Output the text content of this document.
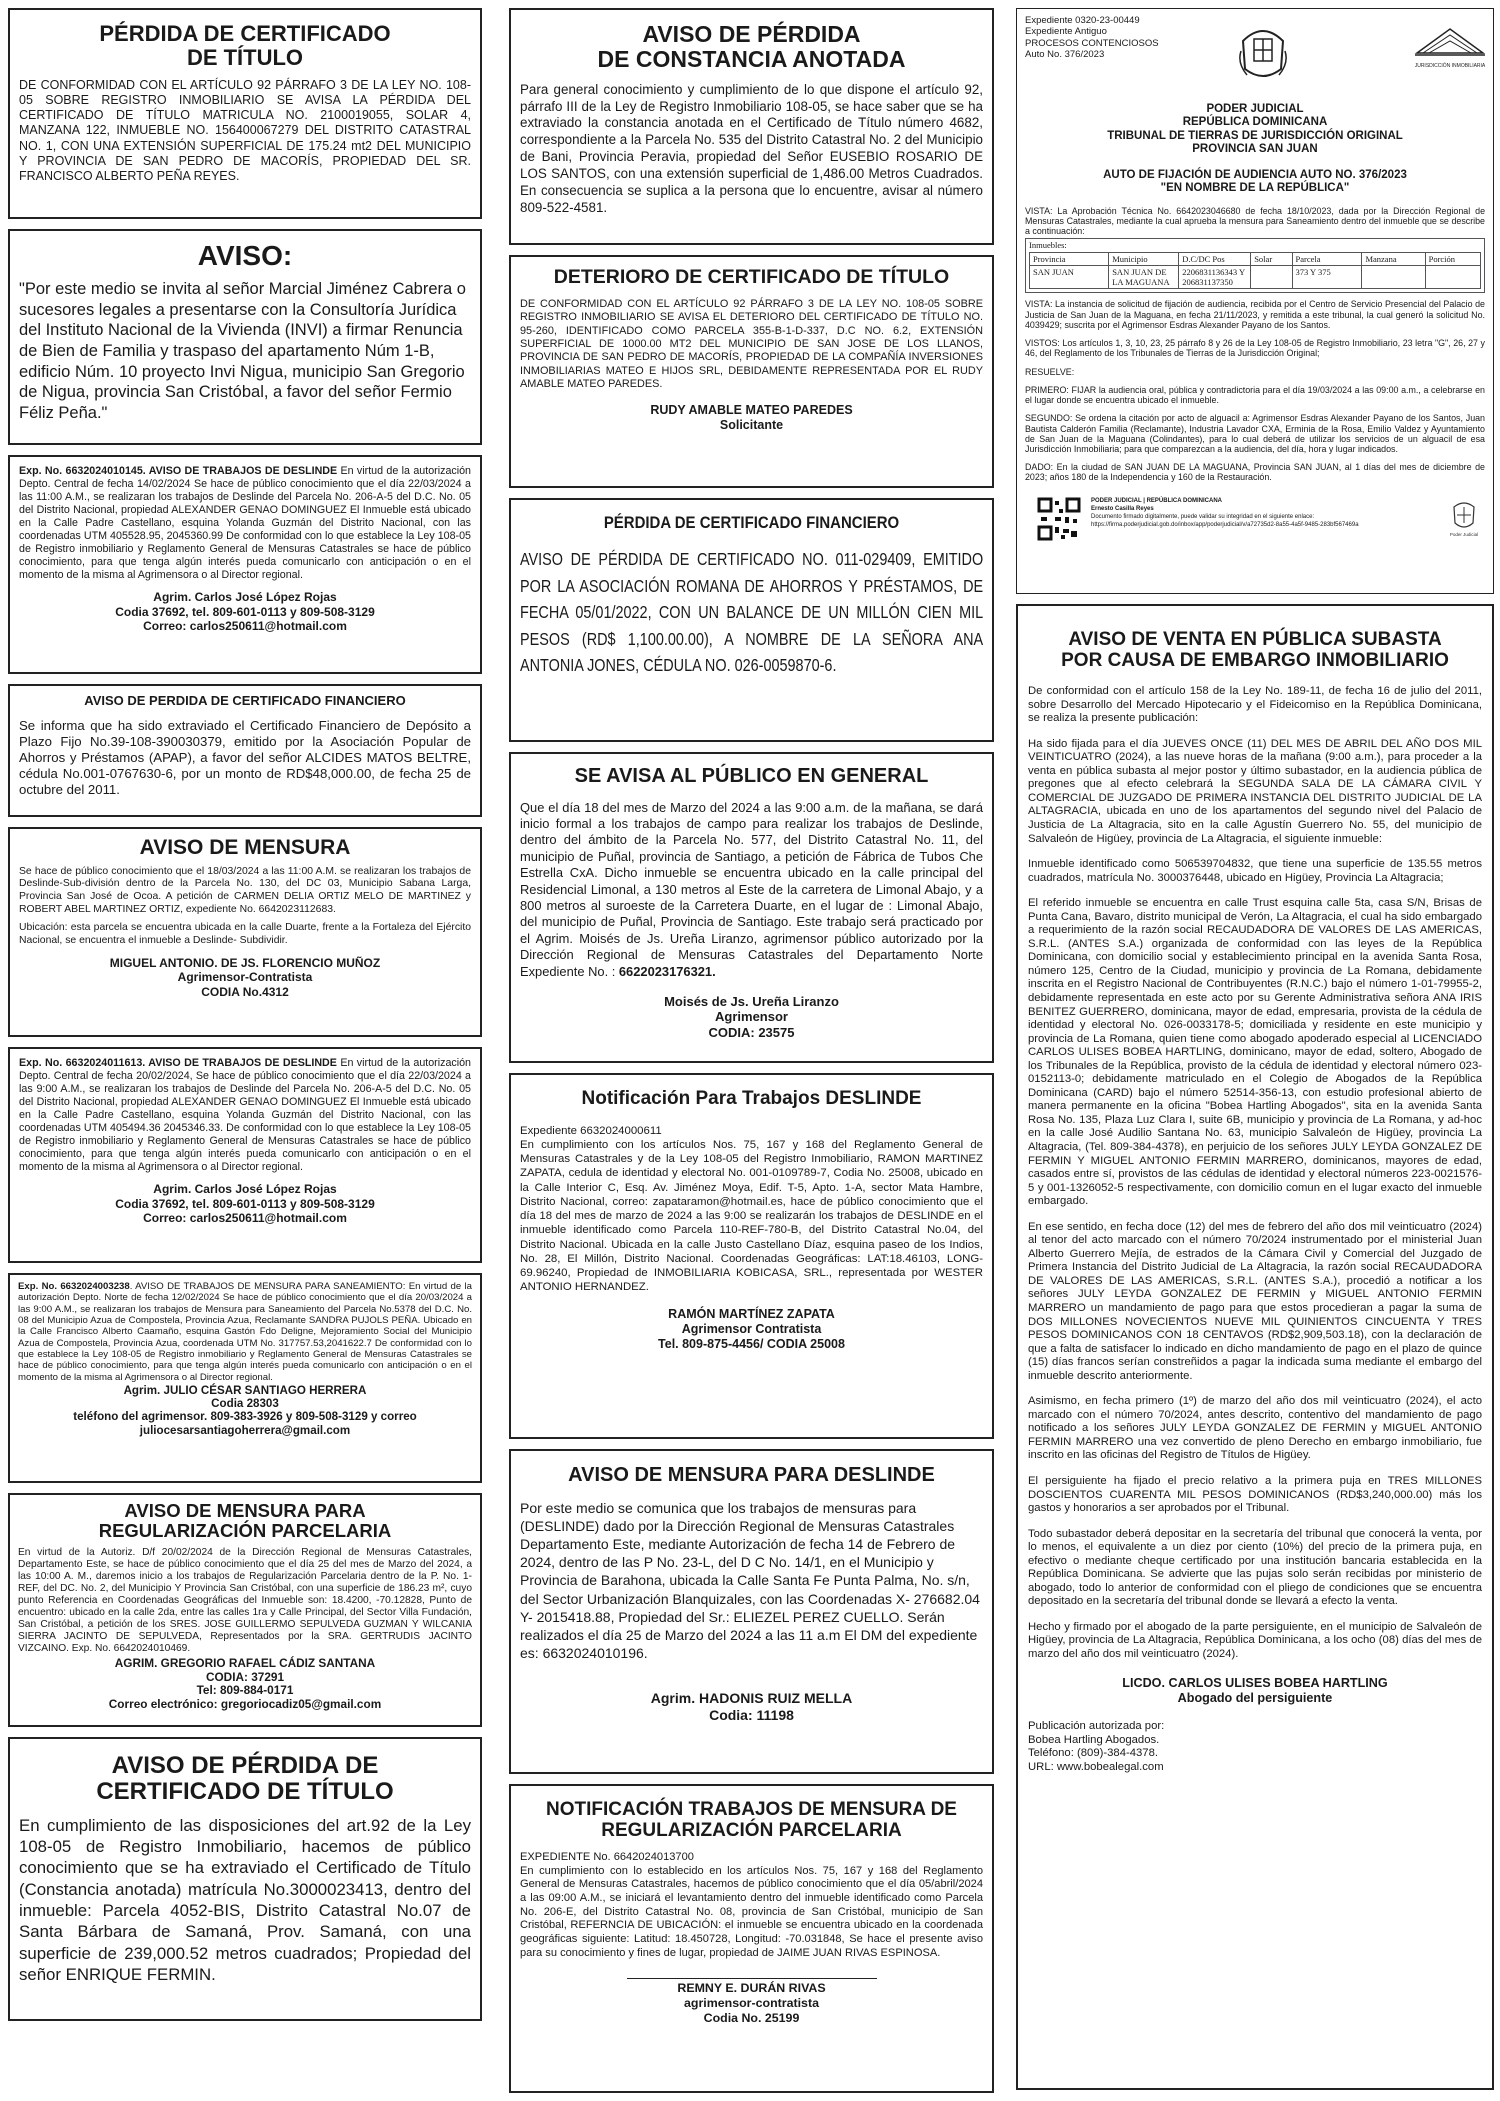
PÉRDIDA DE CERTIFICADO
DE TÍTULO
DE CONFORMIDAD CON EL ARTÍCULO 92 PÁRRAFO 3 DE LA LEY NO. 108-05 SOBRE REGISTRO INMOBILIARIO SE AVISA LA PÉRDIDA DEL CERTIFICADO DE TÍTULO MATRICULA NO. 2100019055, SOLAR 4, MANZANA 122, INMUEBLE NO. 156400067279 DEL DISTRITO CATASTRAL NO. 1, CON UNA EXTENSIÓN SUPERFICIAL DE 175.24 mt2 DEL MUNICIPIO Y PROVINCIA DE SAN PEDRO DE MACORÍS, PROPIEDAD DEL SR. FRANCISCO ALBERTO PEÑA REYES.
AVISO:
"Por este medio se invita al señor Marcial Jiménez Cabrera o sucesores legales a presentarse con la Consultoría Jurídica del Instituto Nacional de la Vivienda (INVI) a firmar Renuncia de Bien de Familia y traspaso del apartamento Núm 1-B, edificio Núm. 10 proyecto Invi Nigua, municipio San Gregorio de Nigua, provincia San Cristóbal, a favor del señor Fermio Féliz Peña."
Exp. No. 6632024010145. AVISO DE TRABAJOS DE DESLINDE En virtud de la autorización Depto. Central de fecha 14/02/2024 Se hace de público conocimiento que el día 22/03/2024 a las 11:00 A.M., se realizaran los trabajos de Deslinde del Parcela No. 206-A-5 del D.C. No. 05 del Distrito Nacional, propiedad ALEXANDER GENAO DOMINGUEZ El Inmueble está ubicado en la Calle Padre Castellano, esquina Yolanda Guzmán del Distrito Nacional, con las coordenadas UTM 405528.95, 2045360.99 De conformidad con lo que establece la Ley 108-05 de Registro inmobiliario y Reglamento General de Mensuras Catastrales se hace de público conocimiento, para que tenga algún interés pueda comunicarlo con anticipación o en el momento de la misma al Agrimensora o al Director regional.
Agrim. Carlos José López Rojas
Codia 37692, tel. 809-601-0113 y 809-508-3129
Correo: carlos250611@hotmail.com
AVISO DE PERDIDA DE CERTIFICADO FINANCIERO
Se informa que ha sido extraviado el Certificado Financiero de Depósito a Plazo Fijo No.39-108-390030379, emitido por la Asociación Popular de Ahorros y Préstamos (APAP), a favor del señor ALCIDES MATOS BELTRE, cédula No.001-0767630-6, por un monto de RD$48,000.00, de fecha 25 de octubre del 2011.
AVISO DE MENSURA
Se hace de público conocimiento que el 18/03/2024 a las 11:00 A.M. se realizaran los trabajos de Deslinde-Sub-división dentro de la Parcela No. 130, del DC 03, Municipio Sabana Larga, Provincia San José de Ocoa. A petición de CARMEN DELIA ORTIZ MELO DE MARTINEZ y ROBERT ABEL MARTINEZ ORTIZ, expediente No. 6642023112683.
Ubicación: esta parcela se encuentra ubicada en la calle Duarte, frente a la Fortaleza del Ejército Nacional, se encuentra el inmueble a Deslinde- Subdividir.
MIGUEL ANTONIO. DE JS. FLORENCIO MUÑOZ
Agrimensor-Contratista
CODIA No.4312
Exp. No. 6632024011613. AVISO DE TRABAJOS DE DESLINDE En virtud de la autorización Depto. Central de fecha 20/02/2024, Se hace de público conocimiento que el día 22/03/2024 a las 9:00 A.M., se realizaran los trabajos de Deslinde del Parcela No. 206-A-5 del D.C. No. 05 del Distrito Nacional, propiedad ALEXANDER GENAO DOMINGUEZ El Inmueble está ubicado en la Calle Padre Castellano, esquina Yolanda Guzmán del Distrito Nacional, con las coordenadas UTM 405494.36 2045346.33. De conformidad con lo que establece la Ley 108-05 de Registro inmobiliario y Reglamento General de Mensuras Catastrales se hace de público conocimiento, para que tenga algún interés pueda comunicarlo con anticipación o en el momento de la misma al Agrimensora o al Director regional.
Agrim. Carlos José López Rojas
Codia 37692, tel. 809-601-0113 y 809-508-3129
Correo: carlos250611@hotmail.com
Exp. No. 6632024003238. AVISO DE TRABAJOS DE MENSURA PARA SANEAMIENTO: En virtud de la autorización Depto. Norte de fecha 12/02/2024 Se hace de público conocimiento que el día 20/03/2024 a las 9:00 A.M., se realizaran los trabajos de Mensura para Saneamiento del Parcela No.5378 del D.C. No. 08 del Municipio Azua de Compostela, Provincia Azua, Reclamante SANDRA PUJOLS PEÑA. Ubicado en la Calle Francisco Alberto Caamaño, esquina Gastón Fdo Deligne, Mejoramiento Social del Municipio Azua de Compostela, Provincia Azua, coordenada UTM No. 317757.53,2041622.7 De conformidad con lo que establece la Ley 108-05 de Registro inmobiliario y Reglamento General de Mensuras Catastrales se hace de público conocimiento, para que tenga algún interés pueda comunicarlo con anticipación o en el momento de la misma al Agrimensora o al Director regional.
Agrim. JULIO CÉSAR SANTIAGO HERRERA
Codia 28303
teléfono del agrimensor. 809-383-3926 y 809-508-3129 y correo
juliocesarsantiagoherrera@gmail.com
AVISO DE MENSURA PARA
REGULARIZACIÓN PARCELARIA
En virtud de la Autoriz. D/f 20/02/2024 de la Dirección Regional de Mensuras Catastrales, Departamento Este, se hace de público conocimiento que el día 25 del mes de Marzo del 2024, a las 10:00 A. M., daremos inicio a los trabajos de Regularización Parcelaria dentro de la P. No. 1-REF, del DC. No. 2, del Municipio Y Provincia San Cristóbal, con una superficie de 186.23 m², cuyo punto Referencia en Coordenadas Geográficas del Inmueble son: 18.4200, -70.12828, Punto de encuentro: ubicado en la calle 2da, entre las calles 1ra y Calle Principal, del Sector Villa Fundación, San Cristóbal, a petición de los SRES. JOSE GUILLERMO SEPULVEDA GUZMAN Y WILCANIA SIERRA JACINTO DE SEPULVEDA, Representados por la SRA. GERTRUDIS JACINTO VIZCAINO. Exp. No. 6642024010469.
AGRIM. GREGORIO RAFAEL CÁDIZ SANTANA
CODIA: 37291
Tel: 809-884-0171
Correo electrónico: gregoriocadiz05@gmail.com
AVISO DE PÉRDIDA DE
CERTIFICADO DE TÍTULO
En cumplimiento de las disposiciones del art.92 de la Ley 108-05 de Registro Inmobiliario, hacemos de público conocimiento que se ha extraviado el Certificado de Título (Constancia anotada) matrícula No.3000023413, dentro del inmueble: Parcela 4052-BIS, Distrito Catastral No.07 de Santa Bárbara de Samaná, Prov. Samaná, con una superficie de 239,000.52 metros cuadrados; Propiedad del señor ENRIQUE FERMIN.
AVISO DE PÉRDIDA
DE CONSTANCIA ANOTADA
Para general conocimiento y cumplimiento de lo que dispone el artículo 92, párrafo III de la Ley de Registro Inmobiliario 108-05, se hace saber que se ha extraviado la constancia anotada en el Certificado de Título número 4682, correspondiente a la Parcela No. 535 del Distrito Catastral No. 2 del Municipio de Bani, Provincia Peravia, propiedad del Señor EUSEBIO ROSARIO DE LOS SANTOS, con una extensión superficial de 1,486.00 Metros Cuadrados. En consecuencia se suplica a la persona que lo encuentre, avisar al número 809-522-4581.
DETERIORO DE CERTIFICADO DE TÍTULO
DE CONFORMIDAD CON EL ARTÍCULO 92 PÁRRAFO 3 DE LA LEY NO. 108-05 SOBRE REGISTRO INMOBILIARIO SE AVISA EL DETERIORO DEL CERTIFICADO DE TÍTULO NO. 95-260, IDENTIFICADO COMO PARCELA 355-B-1-D-337, D.C NO. 6.2, EXTENSIÓN SUPERFICIAL DE 1000.00 MT2 DEL MUNICIPIO DE SAN JOSE DE LOS LLANOS, PROVINCIA DE SAN PEDRO DE MACORÍS, PROPIEDAD DE LA COMPAÑÍA INVERSIONES INMOBILIARIAS MATEO E HIJOS SRL, DEBIDAMENTE REPRESENTADA POR EL RUDY AMABLE MATEO PAREDES.
RUDY AMABLE MATEO PAREDES
Solicitante
PÉRDIDA DE CERTIFICADO FINANCIERO
AVISO DE PÉRDIDA DE CERTIFICADO NO. 011-029409, EMITIDO POR LA ASOCIACIÓN ROMANA DE AHORROS Y PRÉSTAMOS, DE FECHA 05/01/2022, CON UN BALANCE DE UN MILLÓN CIEN MIL PESOS (RD$ 1,100.00.00), A NOMBRE DE LA SEÑORA ANA ANTONIA JONES, CÉDULA NO. 026-0059870-6.
SE AVISA AL PÚBLICO EN GENERAL
Que el día 18 del mes de Marzo del 2024 a las 9:00 a.m. de la mañana, se dará inicio formal a los trabajos de campo para realizar los trabajos de Deslinde, dentro del ámbito de la Parcela No. 577, del Distrito Catastral No. 11, del municipio de Puñal, provincia de Santiago, a petición de Fábrica de Tubos Che Estrella CxA. Dicho inmueble se encuentra ubicado en la calle principal del Residencial Limonal, a 130 metros al Este de la carretera de Limonal Abajo, y a 800 metros al suroeste de la Carretera Duarte, en el lugar de : Limonal Abajo, del municipio de Puñal, Provincia de Santiago. Este trabajo será practicado por el Agrim. Moisés de Js. Ureña Liranzo, agrimensor público autorizado por la Dirección Regional de Mensuras Catastrales del Departamento Norte Expediente No. : 6622023176321.
Moisés de Js. Ureña Liranzo
Agrimensor
CODIA: 23575
Notificación Para Trabajos DESLINDE
Expediente 6632024000611
En cumplimiento con los artículos Nos. 75, 167 y 168 del Reglamento General de Mensuras Catastrales y de la Ley 108-05 del Registro Inmobiliario, RAMON MARTINEZ ZAPATA, cedula de identidad y electoral No. 001-0109789-7, Codia No. 25008, ubicado en la Calle Interior C, Esq. Av. Jiménez Moya, Edif. T-5, Apto. 1-A, sector Mata Hambre, Distrito Nacional, correo: zapataramon@hotmail.es, hace de público conocimiento que el día 18 del mes de marzo de 2024 a las 9:00 se realizarán los trabajos de DESLINDE en el inmueble identificado como Parcela 110-REF-780-B, del Distrito Catastral No.04, del Distrito Nacional. Ubicada en la calle Justo Castellano Díaz, esquina paseo de los Indios, No. 28, El Millón, Distrito Nacional. Coordenadas Geográficas: LAT:18.46103, LONG-69.96240, Propiedad de INMOBILIARIA KOBICASA, SRL., representada por WESTER ANTONIO HERNANDEZ.
RAMÓN MARTÍNEZ ZAPATA
Agrimensor Contratista
Tel. 809-875-4456/ CODIA 25008
AVISO DE MENSURA PARA DESLINDE
Por este medio se comunica que los trabajos de mensuras para (DESLINDE) dado por la Dirección Regional de Mensuras Catastrales Departamento Este, mediante Autorización de fecha 14 de Febrero de 2024, dentro de las P No. 23-L, del D C No. 14/1, en el Municipio y Provincia de Barahona, ubicada la Calle Santa Fe Punta Palma, No. s/n, del Sector Urbanización Blanquizales, con las Coordenadas X- 276682.04 Y- 2015418.88, Propiedad del Sr.: ELIEZEL PEREZ CUELLO. Serán realizados el día 25 de Marzo del 2024 a las 11 a.m El DM del expediente es: 6632024010196.
Agrim. HADONIS RUIZ MELLA
Codia: 11198
NOTIFICACIÓN TRABAJOS DE MENSURA DE
REGULARIZACIÓN PARCELARIA
EXPEDIENTE No. 6642024013700
En cumplimiento con lo establecido en los artículos Nos. 75, 167 y 168 del Reglamento General de Mensuras Catastrales, hacemos de público conocimiento que el día 05/abril/2024 a las 09:00 A.M., se iniciará el levantamiento dentro del inmueble identificado como Parcela No. 206-E, del Distrito Catastral No. 08, provincia de San Cristóbal, municipio de San Cristóbal, REFERNCIA DE UBICACIÓN: el inmueble se encuentra ubicado en la coordenada geográficas siguiente: Latitud: 18.450728, Longitud: -70.031848, Se hace el presente aviso para su conocimiento y fines de lugar, propiedad de JAIME JUAN RIVAS ESPINOSA.
REMNY E. DURÁN RIVAS
agrimensor-contratista
Codia No. 25199
Expediente 0320-23-00449
Expediente Antiguo
PROCESOS CONTENCIOSOS
Auto No. 376/2023
JURISDICCIÓN INMOBILIARIA
PODER JUDICIAL
REPÚBLICA DOMINICANA
TRIBUNAL DE TIERRAS DE JURISDICCIÓN ORIGINAL
PROVINCIA SAN JUAN
AUTO DE FIJACIÓN DE AUDIENCIA AUTO NO. 376/2023
"EN NOMBRE DE LA REPÚBLICA"
VISTA: La Aprobación Técnica No. 6642023046680 de fecha 18/10/2023, dada por la Dirección Regional de Mensuras Catastrales, mediante la cual aprueba la mensura para Saneamiento dentro del inmueble que se describe a continuación:
Inmuebles:
Provincia	Municipio	D.C/DC Pos	Solar	Parcela	Manzana	Porción
SAN JUAN	SAN JUAN DE LA MAGUANA	2206831136343 Y 206831137350		373 Y 375		
VISTA: La instancia de solicitud de fijación de audiencia, recibida por el Centro de Servicio Presencial del Palacio de Justicia de San Juan de la Maguana, en fecha 21/11/2023, y remitida a este tribunal, la cual generó la solicitud No. 4039429; suscrita por el Agrimensor Esdras Alexander Payano de los Santos.
VISTOS: Los artículos 1, 3, 10, 23, 25 párrafo 8 y 26 de la Ley 108-05 de Registro Inmobiliario, 23 letra "G", 26, 27 y 46, del Reglamento de los Tribunales de Tierras de la Jurisdicción Original;
RESUELVE:
PRIMERO: FIJAR la audiencia oral, pública y contradictoria para el día 19/03/2024 a las 09:00 a.m., a celebrarse en el lugar donde se encuentra ubicado el inmueble.
SEGUNDO: Se ordena la citación por acto de alguacil a: Agrimensor Esdras Alexander Payano de los Santos, Juan Bautista Calderón Familia (Reclamante), Industria Lavador CXA, Erminia de la Rosa, Emilio Valdez y Ayuntamiento de San Juan de la Maguana (Colindantes), para lo cual deberá de utilizar los servicios de un alguacil de esa Jurisdicción Inmobiliaria; para que comparezcan a la audiencia, del día, hora y lugar indicados.
DADO: En la ciudad de SAN JUAN DE LA MAGUANA, Provincia SAN JUAN, al 1 días del mes de diciembre de 2023; años 180 de la Independencia y 160 de la Restauración.
PODER JUDICIAL | REPÚBLICA DOMINICANA
Ernesto Casilla Reyes
Documento firmado digitalmente, puede validar su integridad en el siguiente enlace:
https://firma.poderjudicial.gob.do/inbox/app/poderjudicial/v/a72735d2-8a55-4a5f-9485-283bf567469a
Poder Judicial
AVISO DE VENTA EN PÚBLICA SUBASTA
POR CAUSA DE EMBARGO INMOBILIARIO
De conformidad con el artículo 158 de la Ley No. 189-11, de fecha 16 de julio del 2011, sobre Desarrollo del Mercado Hipotecario y el Fideicomiso en la República Dominicana, se realiza la presente publicación:
Ha sido fijada para el día JUEVES ONCE (11) DEL MES DE ABRIL DEL AÑO DOS MIL VEINTICUATRO (2024), a las nueve horas de la mañana (9:00 a.m.), para proceder a la venta en pública subasta al mejor postor y último subastador, en la audiencia pública de pregones que al efecto celebrará la SEGUNDA SALA DE LA CÁMARA CIVIL Y COMERCIAL DE JUZGADO DE PRIMERA INSTANCIA DEL DISTRITO JUDICIAL DE LA ALTAGRACIA, ubicada en uno de los apartamentos del segundo nivel del Palacio de Justicia de La Altagracia, sito en la calle Agustín Guerrero No. 55, del municipio de Salvaleón de Higüey, provincia de La Altagracia, el siguiente inmueble:
Inmueble identificado como 506539704832, que tiene una superficie de 135.55 metros cuadrados, matrícula No. 3000376448, ubicado en Higüey, Provincia La Altagracia;
El referido inmueble se encuentra en calle Trust esquina calle 5ta, casa S/N, Brisas de Punta Cana, Bavaro, distrito municipal de Verón, La Altagracia, el cual ha sido embargado a requerimiento de la razón social RECAUDADORA DE VALORES DE LAS AMERICAS, S.R.L. (ANTES S.A.) organizada de conformidad con las leyes de la República Dominicana, con domicilio social y establecimiento principal en la avenida Santa Rosa, número 125, Centro de la Ciudad, municipio y provincia de La Romana, debidamente inscrita en el Registro Nacional de Contribuyentes (R.N.C.) bajo el número 1-01-79955-2, debidamente representada en este acto por su Gerente Administrativa señora ANA IRIS BENITEZ GUERRERO, dominicana, mayor de edad, empresaria, provista de la cédula de identidad y electoral No. 026-0033178-5; domiciliada y residente en este municipio y provincia de La Romana, quien tiene como abogado apoderado especial al LICENCIADO CARLOS ULISES BOBEA HARTLING, dominicano, mayor de edad, soltero, Abogado de los Tribunales de la República, provisto de la cédula de identidad y electoral número 023-0152113-0; debidamente matriculado en el Colegio de Abogados de la República Dominicana (CARD) bajo el número 52514-356-13, con estudio profesional abierto de manera permanente en la oficina "Bobea Hartling Abogados", sita en la avenida Santa Rosa No. 135, Plaza Luz Clara I, suite 6B, municipio y provincia de La Romana, y ad-hoc en la calle José Audilio Santana No. 63, municipio Salvaleón de Higüey, provincia La Altagracia, (Tel. 809-384-4378), en perjuicio de los señores JULY LEYDA GONZALEZ DE FERMIN Y MIGUEL ANTONIO FERMIN MARRERO, dominicanos, mayores de edad, casados entre sí, provistos de las cédulas de identidad y electoral números 223-0021576-5 y 001-1326052-5 respectivamente, con domicilio comun en el lugar exacto del inmueble embargado.
En ese sentido, en fecha doce (12) del mes de febrero del año dos mil veinticuatro (2024) al tenor del acto marcado con el número 70/2024 instrumentado por el ministerial Juan Alberto Guerrero Mejía, de estrados de la Cámara Civil y Comercial del Juzgado de Primera Instancia del Distrito Judicial de La Altagracia, la razón social RECAUDADORA DE VALORES DE LAS AMERICAS, S.R.L. (ANTES S.A.), procedió a notificar a los señores JULY LEYDA GONZALEZ DE FERMIN y MIGUEL ANTONIO FERMIN MARRERO un mandamiento de pago para que estos procedieran a pagar la suma de DOS MILLONES NOVECIENTOS NUEVE MIL QUINIENTOS CINCUENTA Y TRES PESOS DOMINICANOS CON 18 CENTAVOS (RD$2,909,503.18), con la declaración de que a falta de satisfacer lo indicado en dicho mandamiento de pago en el plazo de quince (15) días francos serían constreñidos a pagar la indicada suma mediante el embargo del inmueble descrito anteriormente.
Asimismo, en fecha primero (1º) de marzo del año dos mil veinticuatro (2024), el acto marcado con el número 70/2024, antes descrito, contentivo del mandamiento de pago notificado a los señores JULY LEYDA GONZALEZ DE FERMIN y MIGUEL ANTONIO FERMIN MARRERO una vez convertido de pleno Derecho en embargo inmobiliario, fue inscrito en las oficinas del Registro de Títulos de Higüey.
El persiguiente ha fijado el precio relativo a la primera puja en TRES MILLONES DOSCIENTOS CUARENTA MIL PESOS DOMINICANOS (RD$3,240,000.00) más los gastos y honorarios a ser aprobados por el Tribunal.
Todo subastador deberá depositar en la secretaría del tribunal que conocerá la venta, por lo menos, el equivalente a un diez por ciento (10%) del precio de la primera puja, en efectivo o mediante cheque certificado por una institución bancaria establecida en la República Dominicana. Se advierte que las pujas solo serán recibidas por ministerio de abogado, todo lo anterior de conformidad con el pliego de condiciones que se encuentra depositado en la secretaría del tribunal donde se llevará a efecto la venta.
Hecho y firmado por el abogado de la parte persiguiente, en el municipio de Salvaleón de Higüey, provincia de La Altagracia, República Dominicana, a los ocho (08) días del mes de marzo del año dos mil veinticuatro (2024).
LICDO. CARLOS ULISES BOBEA HARTLING
Abogado del persiguiente
Publicación autorizada por:
Bobea Hartling Abogados.
Teléfono: (809)-384-4378.
URL: www.bobealegal.com
